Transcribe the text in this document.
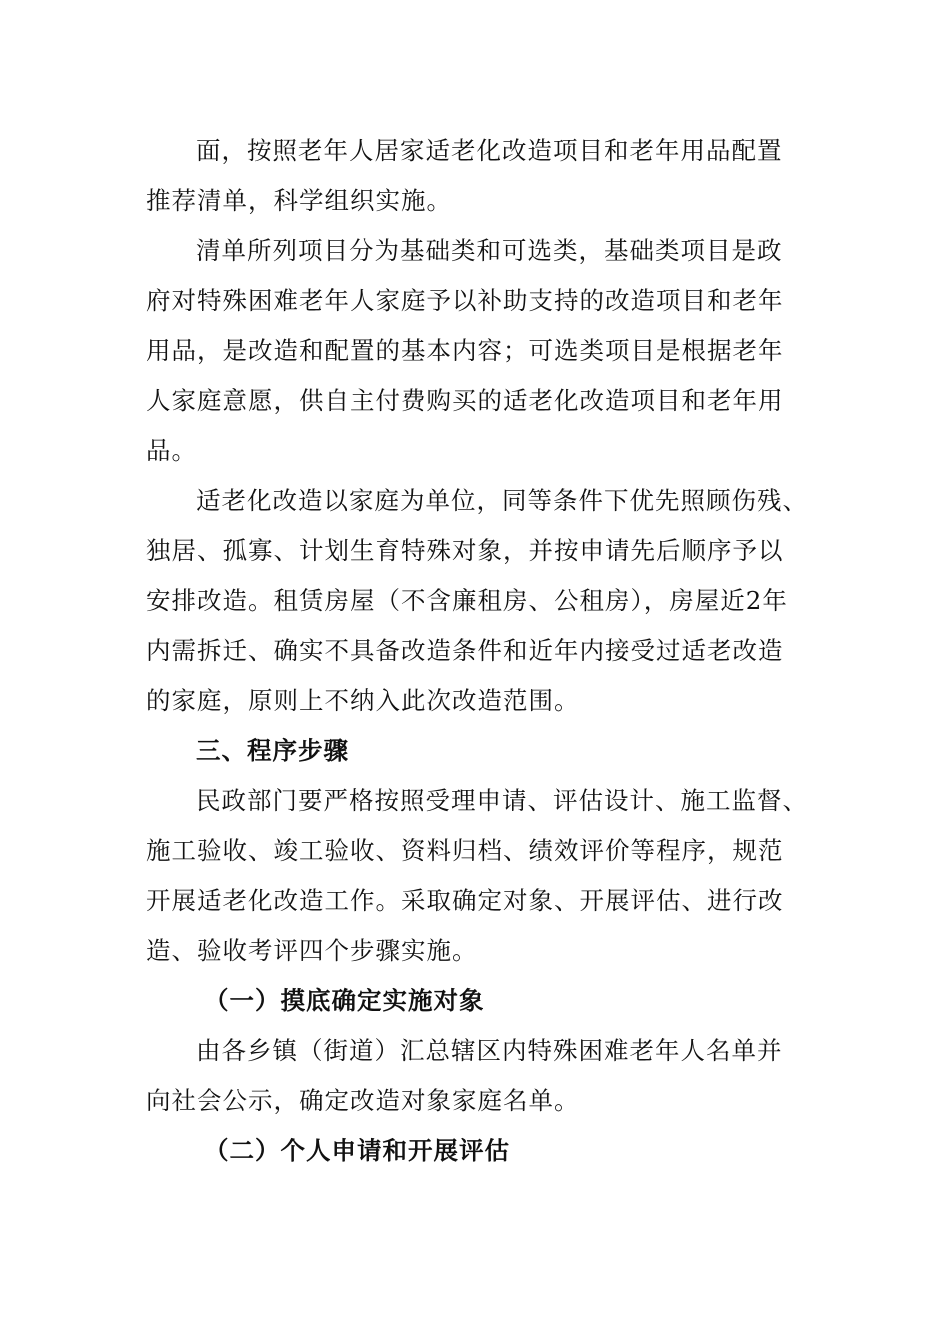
面，按照老年人居家适老化改造项目和老年用品配置
推荐清单，科学组织实施。
清单所列项目分为基础类和可选类，基础类项目是政
府对特殊困难老年人家庭予以补助支持的改造项目和老年
用品，是改造和配置的基本内容；可选类项目是根据老年
人家庭意愿，供自主付费购买的适老化改造项目和老年用
品。
适老化改造以家庭为单位，同等条件下优先照顾伤残、
独居、孤寡、计划生育特殊对象，并按申请先后顺序予以
安排改造。租赁房屋（不含廉租房、公租房），房屋近2年
内需拆迁、确实不具备改造条件和近年内接受过适老改造
的家庭，原则上不纳入此次改造范围。
三、程序步骤
民政部门要严格按照受理申请、评估设计、施工监督、
施工验收、竣工验收、资料归档、绩效评价等程序，规范
开展适老化改造工作。采取确定对象、开展评估、进行改
造、验收考评四个步骤实施。
（一）摸底确定实施对象
由各乡镇（街道）汇总辖区内特殊困难老年人名单并
向社会公示，确定改造对象家庭名单。
（二）个人申请和开展评估
